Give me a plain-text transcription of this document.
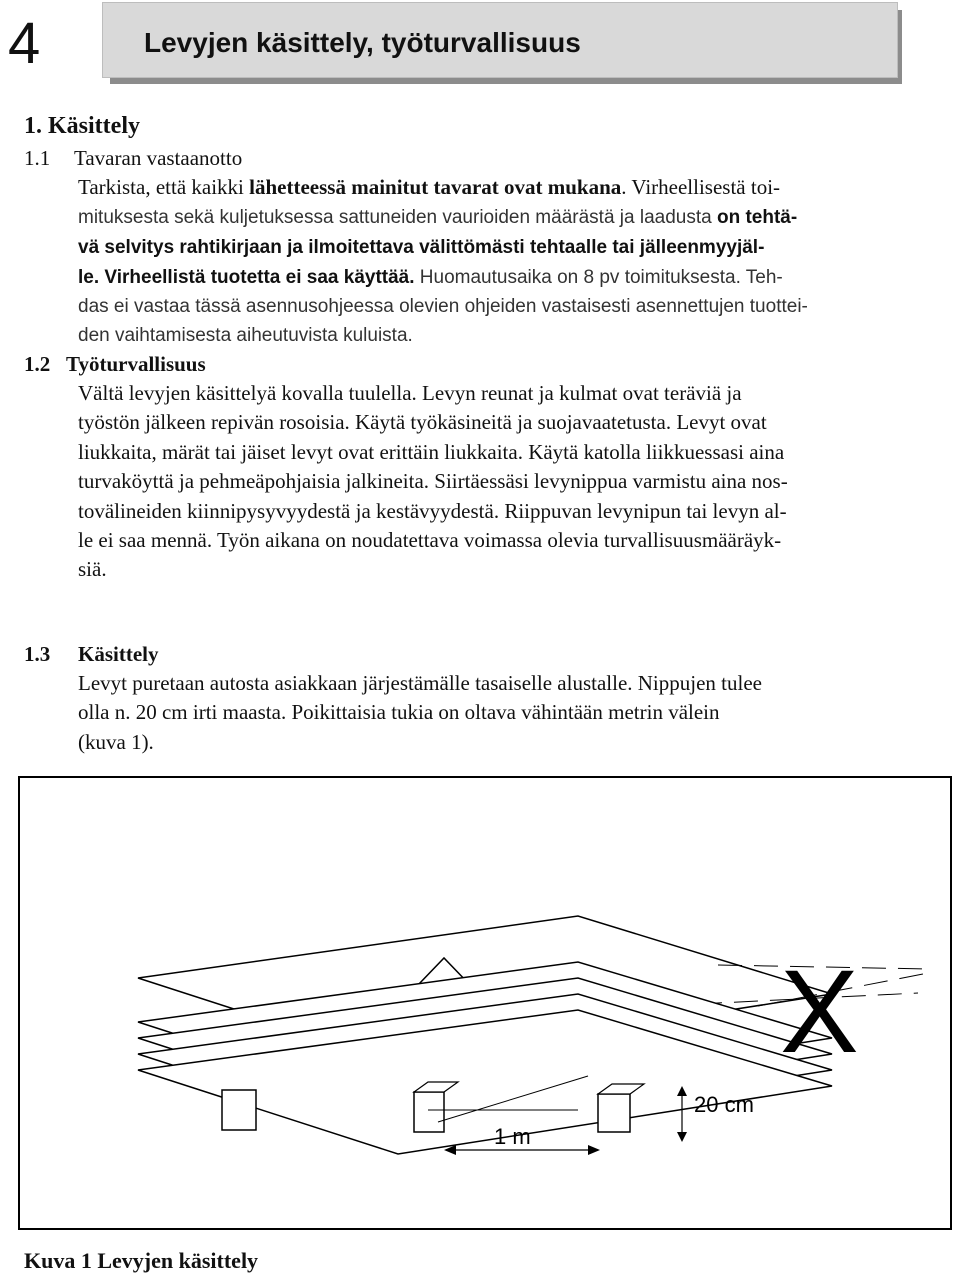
4	Levyjen käsittely, työturvallisuus
1. Käsittely
1.1 Tavaran vastaanotto
Tarkista, että kaikki lähetteessä mainitut tavarat ovat mukana. Virheellisestä toi-
mituksesta sekä kuljetuksessa sattuneiden vaurioiden määrästä ja laadusta on tehtä-
vä selvitys rahtikirjaan ja ilmoitettava välittömästi tehtaalle tai jälleenmyyjäl-
le. Virheellistä tuotetta ei saa käyttää. Huomautusaika on 8 pv toimituksesta. Teh-
das ei vastaa tässä asennusohjeessa olevien ohjeiden vastaisesti asennettujen tuottei-
den vaihtamisesta aiheutuvista kuluista.
1.2 Työturvallisuus
Vältä levyjen käsittelyä kovalla tuulella. Levyn reunat ja kulmat ovat teräviä ja
työstön jälkeen repivän rosoisia. Käytä työkäsineitä ja suojavaatetusta. Levyt ovat
liukkaita, märät tai jäiset levyt ovat erittäin liukkaita. Käytä katolla liikkuessasi aina
turvaköyttä ja pehmeäpohjaisia jalkineita. Siirtäessäsi levynippua varmistu aina nos-
tovälineiden kiinnipysyvyydestä ja kestävyydestä. Riippuvan levynipun tai levyn al-
le ei saa mennä. Työn aikana on noudatettava voimassa olevia turvallisuusmääräyk-
siä.
1.3 Käsittely
Levyt puretaan autosta asiakkaan järjestämälle tasaiselle alustalle. Nippujen tulee
olla n. 20 cm irti maasta. Poikittaisia tukia on oltava vähintään metrin välein
(kuva 1).
20 cm
1 m
X
Kuva 1 Levyjen käsittely
